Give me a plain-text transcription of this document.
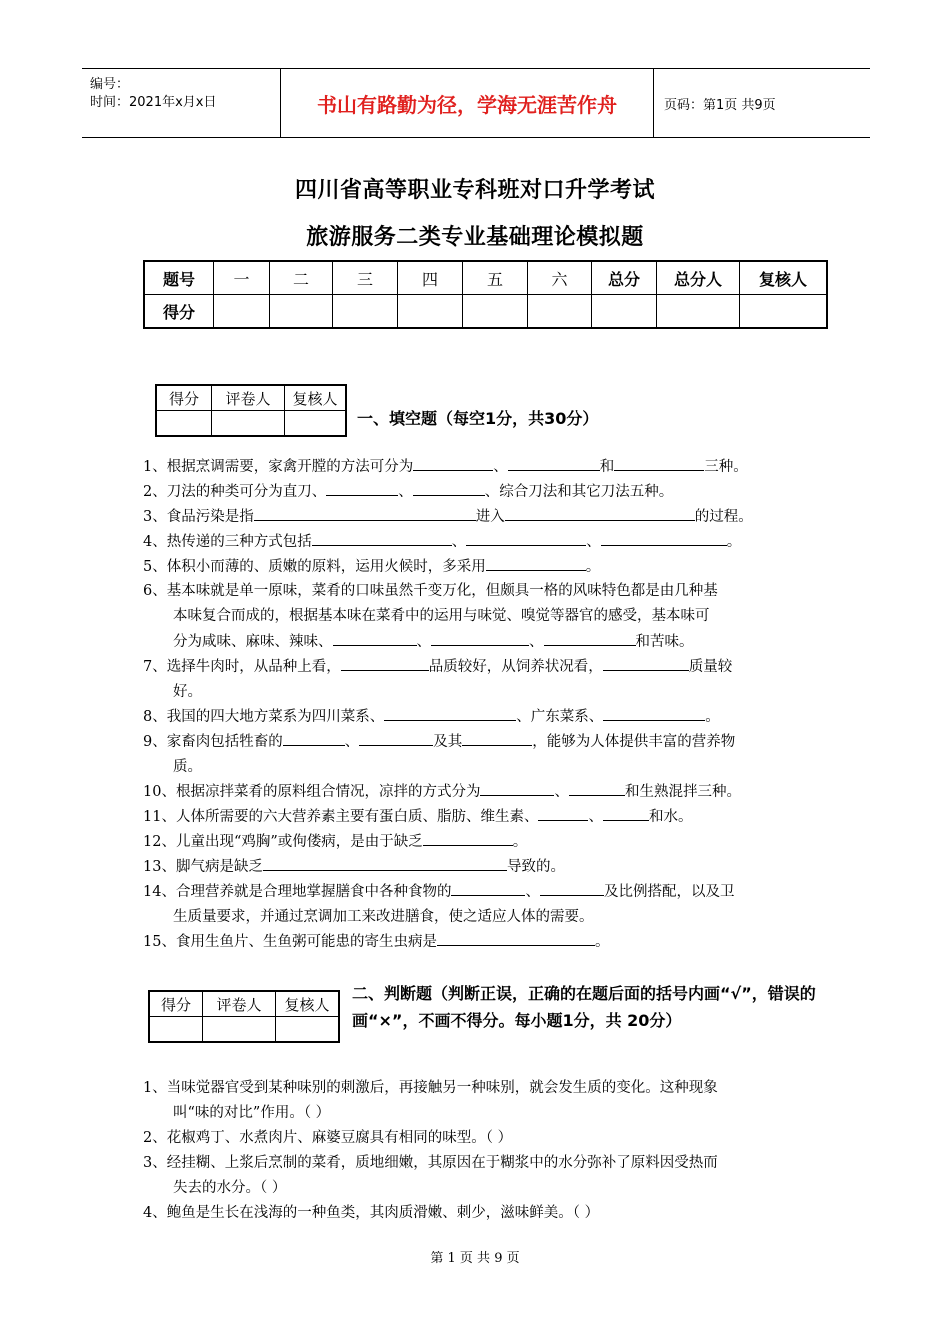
编号：
时间：2021年x月x日	书山有路勤为径，学海无涯苦作舟	页码：第1页 共9页
四川省高等职业专科班对口升学考试
旅游服务二类专业基础理论模拟题
题号	一	二	三	四	五	六	总分	总分人	复核人
得分									
得分	评卷人	复核人

一、填空题（每空1分，共30分）
1、根据烹调需要，家禽开膛的方法可分为	、	和	三种。
2、刀法的种类可分为直刀、	、	、综合刀法和其它刀法五种。
3、食品污染是指	进入	的过程。
4、热传递的三种方式包括	、	、	。
5、体积小而薄的、质嫩的原料，运用火候时，多采用	。
6、基本味就是单一原味，菜肴的口味虽然千变万化，但颇具一格的风味特色都是由几种基
本味复合而成的，根据基本味在菜肴中的运用与味觉、嗅觉等器官的感受，基本味可
分为咸味、麻味、辣味、	、	、	和苦味。
7、选择牛肉时，从品种上看，	品质较好，从饲养状况看，	质量较
好。
8、我国的四大地方菜系为四川菜系、	、广东菜系、	。
9、家畜肉包括牲畜的	、	及其	，能够为人体提供丰富的营养物
质。
10、根据凉拌菜肴的原料组合情况，凉拌的方式分为	、	和生熟混拌三种。
11、人体所需要的六大营养素主要有蛋白质、脂肪、维生素、	、	和水。
12、儿童出现“鸡胸”或佝偻病，是由于缺乏	。
13、脚气病是缺乏	导致的。
14、合理营养就是合理地掌握膳食中各种食物的	、	及比例搭配，以及卫
生质量要求，并通过烹调加工来改进膳食，使之适应人体的需要。
15、食用生鱼片、生鱼粥可能患的寄生虫病是	。
得分	评卷人	复核人

二、判断题（判断正误，正确的在题后面的括号内画“√”，错误的画“×”，不画不得分。每小题1分，共 20分）
1、当味觉器官受到某种味别的刺激后，再接触另一种味别，就会发生质的变化。这种现象
叫“味的对比”作用。（ ）
2、花椒鸡丁、水煮肉片、麻婆豆腐具有相同的味型。（ ）
3、经挂糊、上浆后烹制的菜肴，质地细嫩，其原因在于糊浆中的水分弥补了原料因受热而
失去的水分。（ ）
4、鲍鱼是生长在浅海的一种鱼类，其肉质滑嫩、刺少，滋味鲜美。（ ）
第 1 页 共 9 页
